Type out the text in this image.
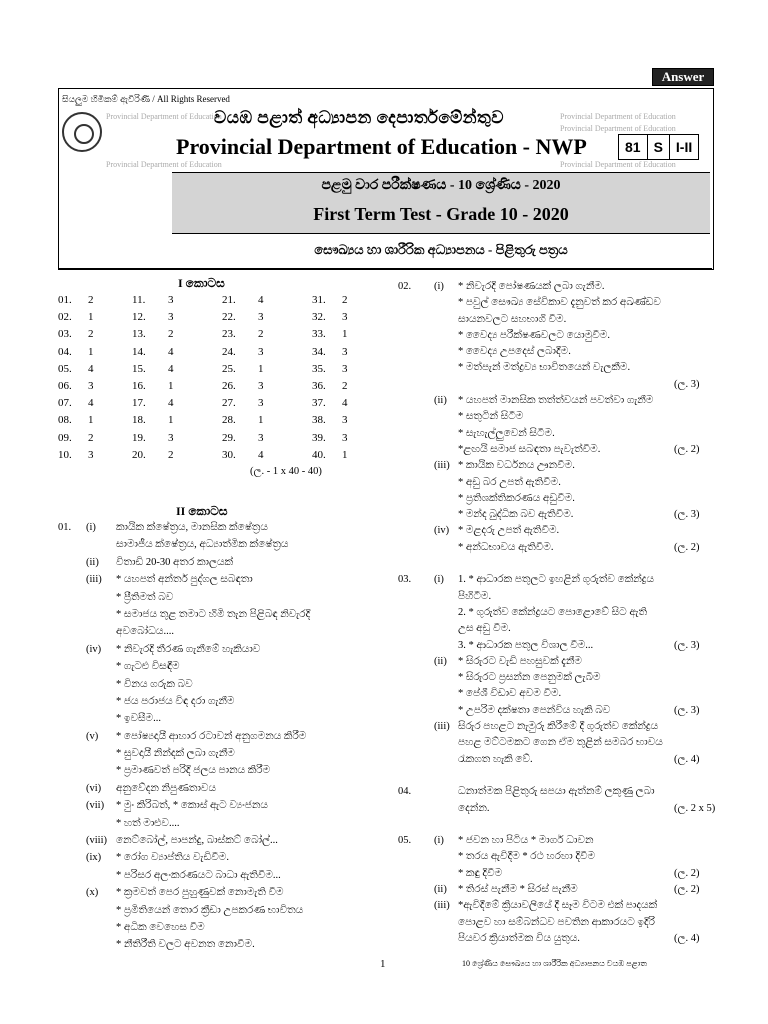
Answer
සියලුම හිමිකම් ඇවිරිණි / All Rights Reserved
Provincial Department of Education	Provincial Department of Education
Provincial Department of Education
Provincial Department of Education	Provincial Department of Education
වයඹ පළාත් අධ්‍යාපන දෙපාර්තමේන්තුව
Provincial Department of Education - NWP	81 S I-II
පළමු වාර පරීක්ෂණය - 10 ශ්‍රේණිය - 2020
First Term Test - Grade 10 - 2020
සෞඛ්‍යය හා ශාරීරික අධ්‍යාපනය - පිළිතුරු පත්‍රය
I කොටස
01. 2	11. 3	21. 4	31. 2
02. 1	12. 3	22. 3	32. 3
03. 2	13. 2	23. 2	33. 1
04. 1	14. 4	24. 3	34. 3
05. 4	15. 4	25. 1	35. 3
06. 3	16. 1	26. 3	36. 2
07. 4	17. 4	27. 3	37. 4
08. 1	18. 1	28. 1	38. 3
09. 2	19. 3	29. 3	39. 3
10. 3	20. 2	30. 4	40. 1
(ල. - 1 x 40 - 40)
II කොටස
01. (i) කායික ක්ෂේත්‍රය, මානසික ක්ෂේත්‍රය
සාමාජීය ක්ෂේත්‍රය, අධ්‍යාත්මික ක්ෂේත්‍රය
(ii) විතාඩි 20-30 අතර කාලයක්
(iii) * යහපත් අන්තර් පුද්ගල සබඳතා
* ප්‍රීතිමත් බව
* සමාජය තුළ තමාට හිමි තැන පිළිබඳ නිවැරදි
අවබෝධය....
(iv) * නිවැරදි තීරණ ගැනීමේ හැකියාව
* ගැටළු විසඳීම
* විනය ගරුක බව
* ජය පරාජය විඳ දරා ගැනීම
* ඉවසීම...
(v) * පෝෂ්‍යදායී ආහාර රටාවන් අනුගමනය කිරීම
* සුවදායී නින්දක් ලබා ගැනීම
* ප්‍රමාණවත් පරිදි ජලය පානය කිරීම
(vi) අනුවේදන නිපුණතාවය
(vii) * මුං කිරිබත්, * කොස් ඇට ව්‍යංජනය
* හත් මාළුව....
(viii) නෙට්බෝල්, පාපන්දු, බාස්කට් බෝල්...
(ix) * රෝග ව්‍යාප්තිය වැඩිවීම.
* පරිසර අලංකරණයට බාධා ඇතිවීම...
(x) * ක්‍රමවත් පෙර පුහුණුවක් නොමැති වීම
* ප්‍රමිතියෙන් තොර ක්‍රීඩා උපකරණ භාවිතය
* අධික වෙහෙස වීම
* නීතිරීති වලට අවනත නොවීම.
02. (i) * නිවැරදි පෝෂණයක් ලබා ගැනීම.
* පවුල් සෞඛ්‍ය සේවිකාව දැනුවත් කර අඛණ්ඩව
සායනවලට සහභාගි වීම.
* වෛද්‍ය පරීක්ෂණවලට යොමුවීම.
* වෛද්‍ය උපදෙස් ලබාදීම.
* මත්පැන් මත්ද්‍රව්‍ය භාවිතයෙන් වැලකීම.
(ල. 3)
(ii) * යහපත් මානසික තත්ත්වයන් පවත්වා ගැනීම
* සතුටින් සිටීම
* සැහැල්ලුවෙන් සිටීම.
*ළඟයි සමාජ සබඳතා පැවැත්වීම.	(ල. 2)
(iii) * කායික වර්ධනය ඌනවීම.
* අඩු බර උපත් ඇතිවීම.
* ප්‍රතිශක්තිකරණය අඩුවීම.
* මන්ද බුද්ධික බව ඇතිවීම.	(ල. 3)
(iv) * මළදරු උපත් ඇතිවීම.
* අන්ධභාවය ඇතිවීම.	(ල. 2)
03. (i) 1. * ආධාරක පතුලට ඉහළින් ගුරුත්ව කේන්ද්‍රය
පිහිටීම.
2. * ගුරුත්ව කේන්ද්‍රයට පොළොවේ සිට ඇති
උස අඩු වීම.
3. * ආධාරක පතුල විශාල වීම...	(ල. 3)
(ii) * සිරුරට වැඩි පහසුවක් දැනීම
* සිරුරට ප්‍රසන්න පෙනුමක් ලැබීම
* පේශී විඩාව අවම වීම.
* උපරිම දක්ෂතා පෙන්විය හැකි බව	(ල. 3)
(iii) සිරුර පහළට නැමුරු කිරීමේ දී ගුරුත්ව කේන්ද්‍රය
පහළ මට්ටමකට ගෙන ඒම තුළින් සමබර භාවය
රැකගත හැකි වේ.	(ල. 4)
04.	ධනාත්මක පිළිතුරු සපයා ඇත්නම් ලකුණු ලබා
දෙන්න.	(ල. 2 x 5)
05. (i) * ජවන හා පිටිය * මාර්ග ධාවන
* තරය ඇවිදීම * රථ හරහා දිවීම
* කඳු දිවීම	(ල. 2)
(ii) * තිරස් පැනීම * සිරස් පැනීම	(ල. 2)
(iii) *ඇවිදීමේ ක්‍රියාවලියේ දී සෑම විටම එක් පාදයක්
පොළව හා සම්බන්ධව පවතින ආකාරයට ඉදිරි
පියවර ක්‍රියාත්මක විය යුතුය.	(ල. 4)
1	10 ශ්‍රේණිය සෞඛ්‍යය හා ශාරීරික අධ්‍යාපනය වයඹ පළාත
